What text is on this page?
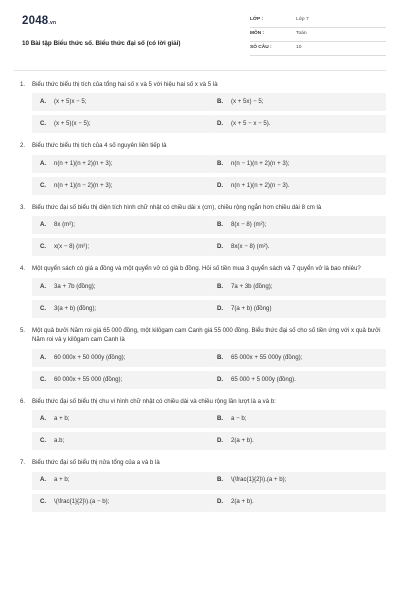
2048.vn
10 Bài tập Biểu thức số. Biểu thức đại số (có lời giải)
LỚP :	Lớp 7
MÔN :	Toán
SỐ CÂU :	10
1.	Biểu thức biểu thị tích của tổng hai số x và 5 với hiệu hai số x và 5 là
A.	(x + 5)x − 5;	B.	(x + 5x) − 5;
C.	(x + 5)(x − 5);	D.	(x + 5 − x − 5).
2.	Biểu thức biểu thị tích của 4 số nguyên liên tiếp là
A.	n(n + 1)(n + 2)(n + 3);	B.	n(n − 1)(n + 2)(n + 3);
C.	n(n + 1)(n − 2)(n + 3);	D.	n(n + 1)(n + 2)(n − 3).
3.	Biểu thức đại số biểu thị diện tích hình chữ nhật có chiều dài x (cm), chiều rộng ngắn hơn chiều dài 8 cm là
A.	8x (m²);	B.	8(x − 8) (m²);
C.	x(x − 8) (m²);	D.	8x(x − 8) (m²).
4.	Một quyển sách có giá a đồng và một quyển vở có giá b đồng. Hỏi số tiền mua 3 quyển sách và 7 quyển vở là bao nhiêu?
A.	3a + 7b (đồng);	B.	7a + 3b (đồng);
C.	3(a + b) (đồng);	D.	7(a + b) (đồng)
5.	Một quả bưởi Năm roi giá 65 000 đồng, một kilôgam cam Canh giá 55 000 đồng. Biểu thức đại số cho số tiền ứng với x quả bưởi Năm roi và y kilôgam cam Canh là
A.	60 000x + 50 000y (đồng);	B.	65 000x + 55 000y (đồng);
C.	60 000x + 55 000 (đồng);	D.	65 000 + 5 000y (đồng).
6.	Biểu thức đại số biểu thị chu vi hình chữ nhật có chiều dài và chiều rộng lần lượt là a và b:
A.	a + b;	B.	a − b;
C.	a.b;	D.	2(a + b).
7.	Biểu thức đại số biểu thị nửa tổng của a và b là
A.	a + b;	B.	\(\frac{1}{2}\).(a + b);
C.	\(\frac{1}{2}\).(a − b);	D.	2(a + b).
